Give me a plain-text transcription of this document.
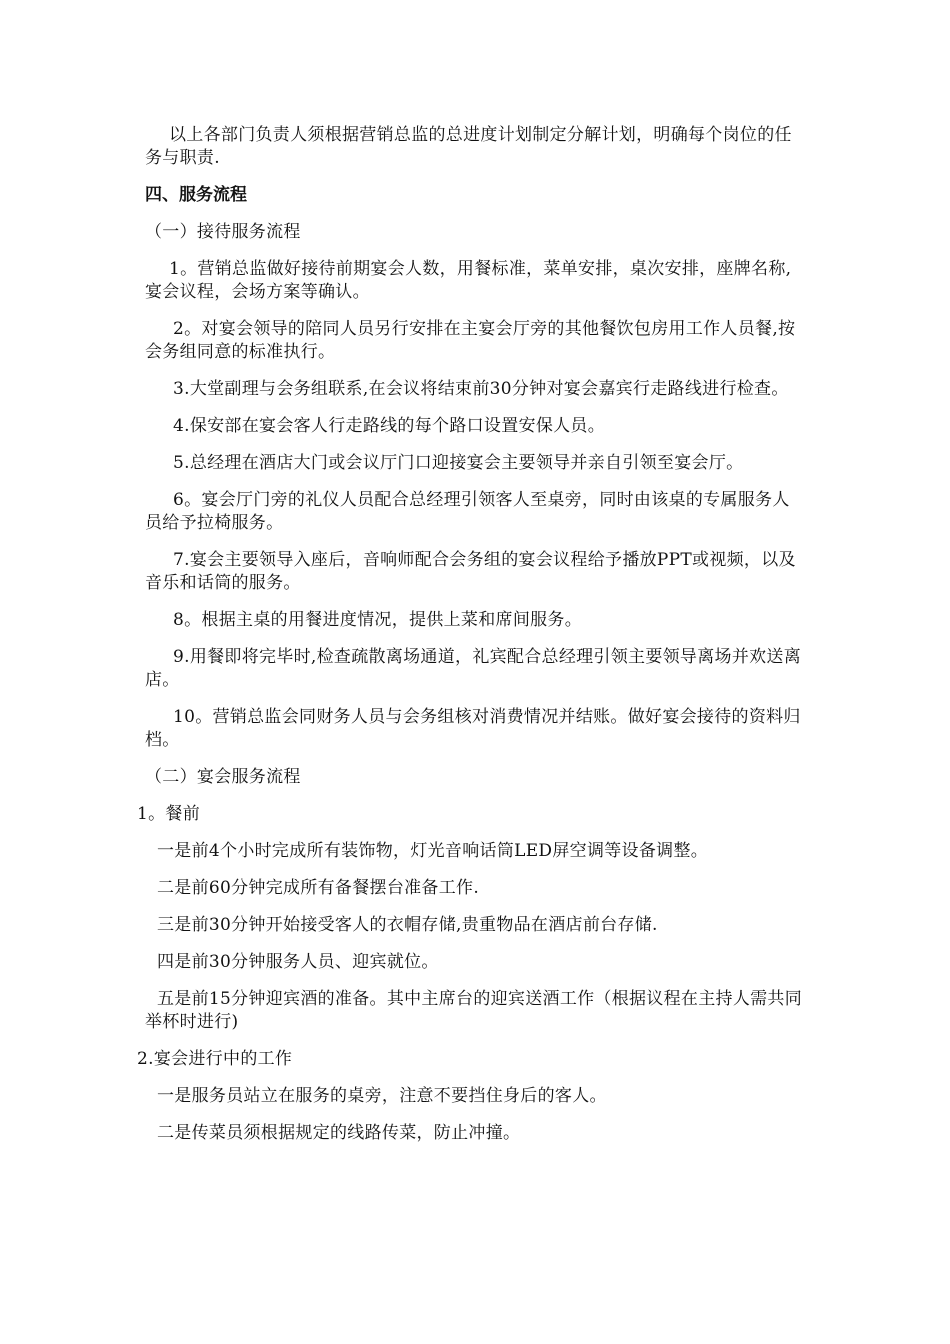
以上各部门负责人须根据营销总监的总进度计划制定分解计划，明确每个岗位的任务与职责.

四、服务流程

（一）接待服务流程

1。营销总监做好接待前期宴会人数，用餐标准，菜单安排，桌次安排，座牌名称,宴会议程，会场方案等确认。

2。对宴会领导的陪同人员另行安排在主宴会厅旁的其他餐饮包房用工作人员餐,按会务组同意的标准执行。

3.大堂副理与会务组联系,在会议将结束前30分钟对宴会嘉宾行走路线进行检查。

4.保安部在宴会客人行走路线的每个路口设置安保人员。

5.总经理在酒店大门或会议厅门口迎接宴会主要领导并亲自引领至宴会厅。

6。宴会厅门旁的礼仪人员配合总经理引领客人至桌旁，同时由该桌的专属服务人员给予拉椅服务。

7.宴会主要领导入座后，音响师配合会务组的宴会议程给予播放PPT或视频，以及音乐和话筒的服务。

8。根据主桌的用餐进度情况，提供上菜和席间服务。

9.用餐即将完毕时,检查疏散离场通道，礼宾配合总经理引领主要领导离场并欢送离店。

10。营销总监会同财务人员与会务组核对消费情况并结账。做好宴会接待的资料归档。

（二）宴会服务流程

1。餐前

一是前4个小时完成所有装饰物，灯光音响话筒LED屏空调等设备调整。

二是前60分钟完成所有备餐摆台准备工作.

三是前30分钟开始接受客人的衣帽存储,贵重物品在酒店前台存储.

四是前30分钟服务人员、迎宾就位。

五是前15分钟迎宾酒的准备。其中主席台的迎宾送酒工作（根据议程在主持人需共同举杯时进行)

2.宴会进行中的工作

一是服务员站立在服务的桌旁，注意不要挡住身后的客人。

二是传菜员须根据规定的线路传菜，防止冲撞。
